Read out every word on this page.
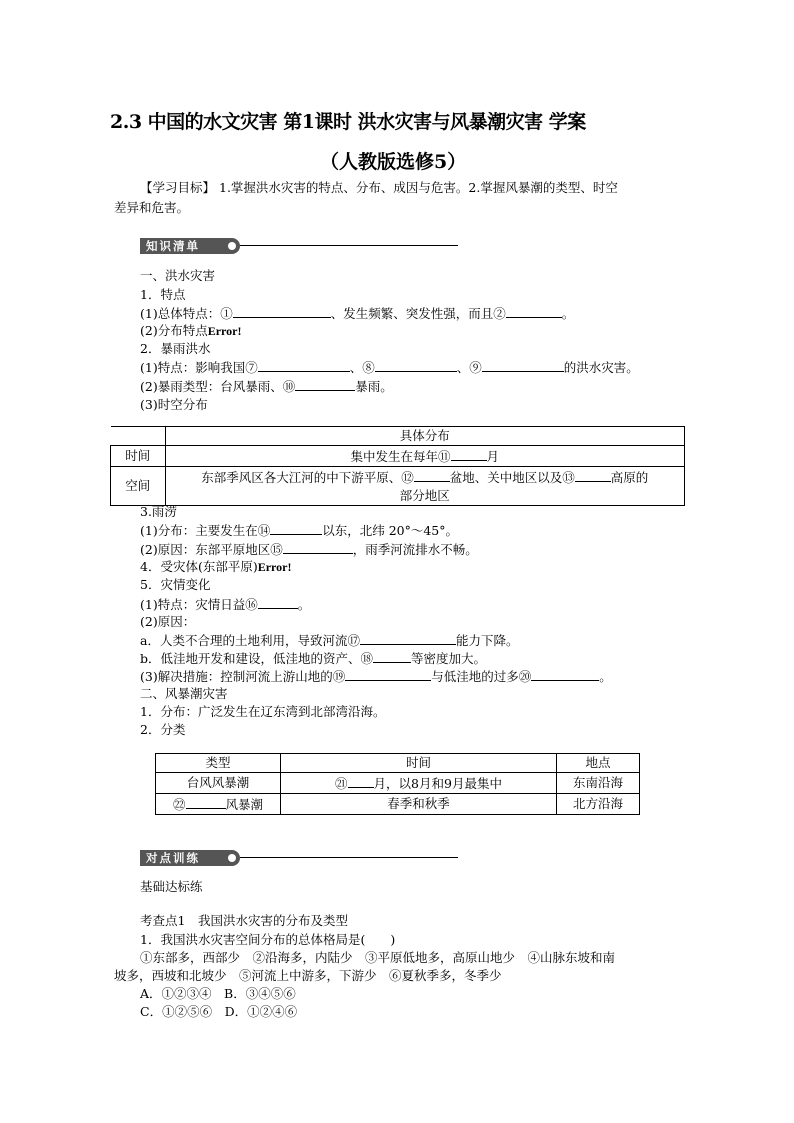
2.3 中国的水文灾害 第1课时 洪水灾害与风暴潮灾害 学案
（人教版选修5）
【学习目标】 1.掌握洪水灾害的特点、分布、成因与危害。2.掌握风暴潮的类型、时空
差异和危害。
知识清单
一、洪水灾害
1．特点
(1)总体特点：①	、发生频繁、突发性强，而且②	。
(2)分布特点Error!
2．暴雨洪水
(1)特点：影响我国⑦	、⑧	、⑨	的洪水灾害。
(2)暴雨类型：台风暴雨、⑩	暴雨。
(3)时空分布
	具体分布
时间	集中发生在每年⑪ 月
空间	东部季风区各大江河的中下游平原、⑫ 盆地、关中地区以及⑬ 高原的
部分地区
3.雨涝
(1)分布：主要发生在⑭	以东，北纬 20°～45°。
(2)原因：东部平原地区⑮	，雨季河流排水不畅。
4．受灾体(东部平原)Error!
5．灾情变化
(1)特点：灾情日益⑯	。
(2)原因：
a．人类不合理的土地利用，导致河流⑰	能力下降。
b．低洼地开发和建设，低洼地的资产、⑱	等密度加大。
(3)解决措施：控制河流上游山地的⑲	与低洼地的过多⑳	。
二、风暴潮灾害
1．分布：广泛发生在辽东湾到北部湾沿海。
2．分类
类型	时间	地点
台风风暴潮	㉑ 月，以8月和9月最集中	东南沿海
㉒ 风暴潮	春季和秋季	北方沿海
对点训练
基础达标练
考查点1　我国洪水灾害的分布及类型
1．我国洪水灾害空间分布的总体格局是(　　)
①东部多，西部少　②沿海多，内陆少　③平原低地多，高原山地少　④山脉东坡和南
坡多，西坡和北坡少　⑤河流上中游多，下游少　⑥夏秋季多，冬季少
A．①②③④　B．③④⑤⑥
C．①②⑤⑥　D．①②④⑥
